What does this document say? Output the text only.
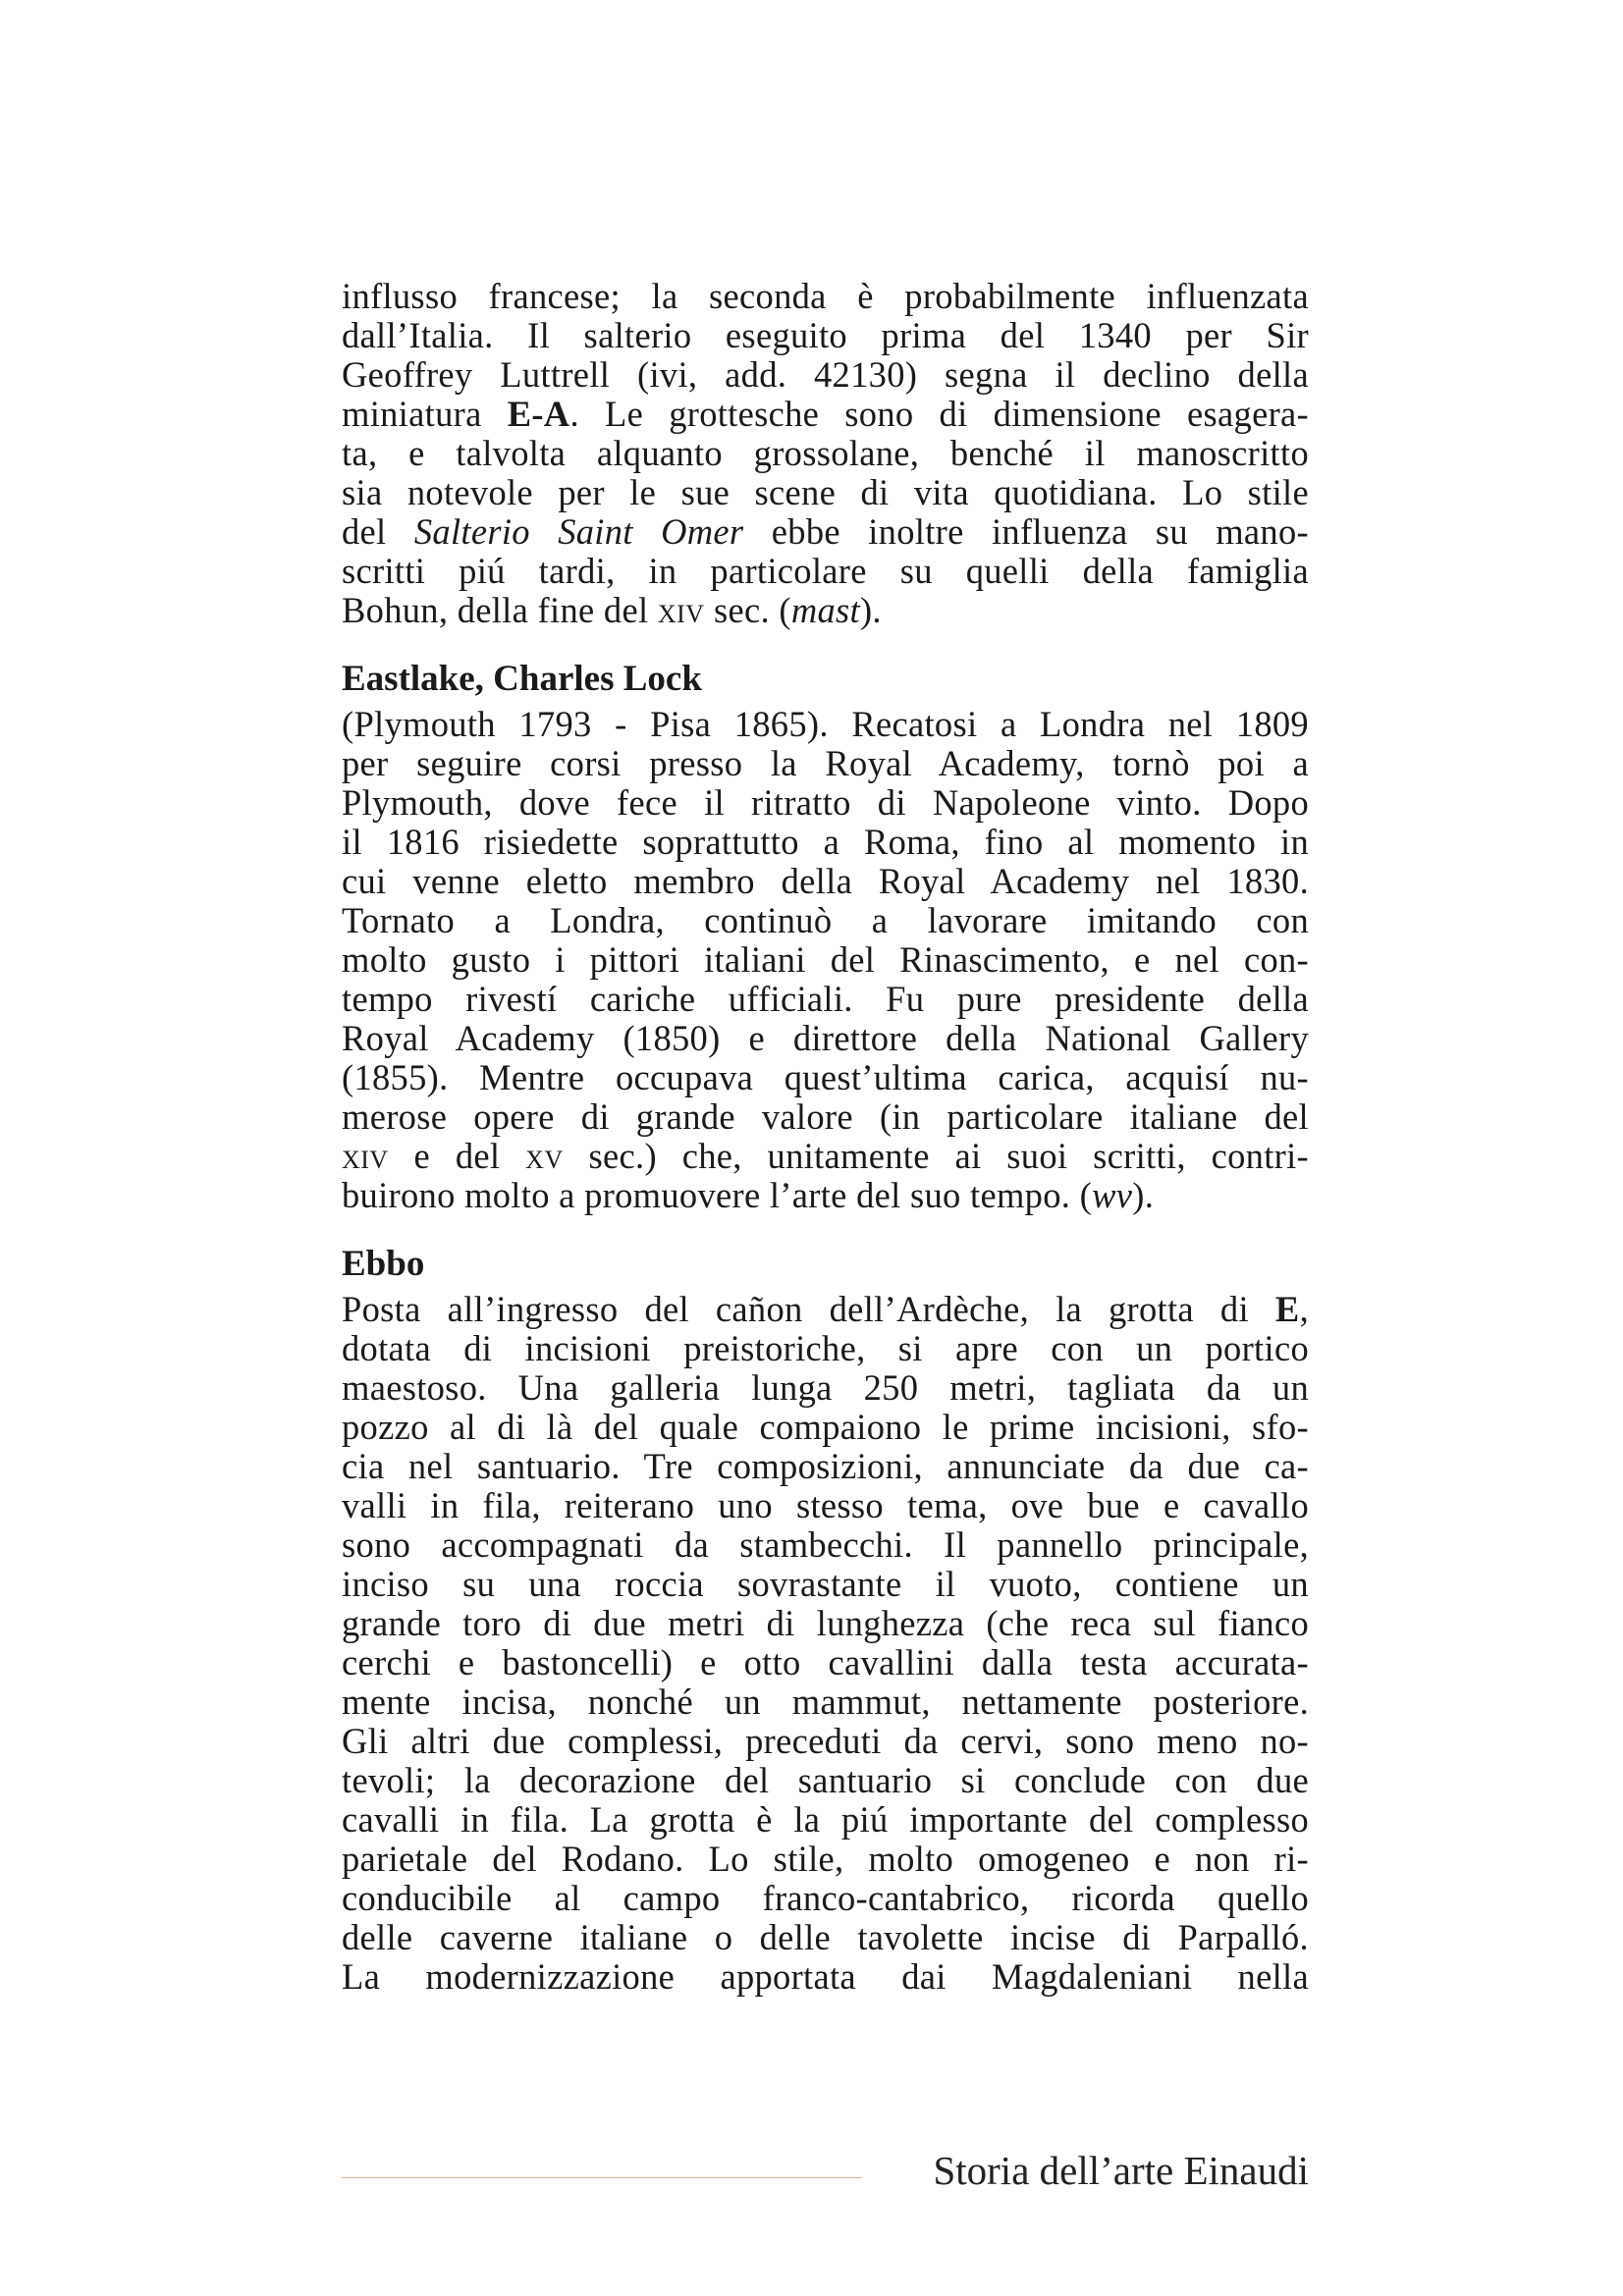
influsso francese; la seconda è probabilmente influenzata
dall’Italia. Il salterio eseguito prima del 1340 per Sir
Geoffrey Luttrell (ivi, add. 42130) segna il declino della
miniatura E-A. Le grottesche sono di dimensione esagera-
ta, e talvolta alquanto grossolane, benché il manoscritto
sia notevole per le sue scene di vita quotidiana. Lo stile
del Salterio Saint Omer ebbe inoltre influenza su mano-
scritti piú tardi, in particolare su quelli della famiglia
Bohun, della fine del xiv sec. (mast).
Eastlake, Charles Lock
(Plymouth 1793 - Pisa 1865). Recatosi a Londra nel 1809
per seguire corsi presso la Royal Academy, tornò poi a
Plymouth, dove fece il ritratto di Napoleone vinto. Dopo
il 1816 risiedette soprattutto a Roma, fino al momento in
cui venne eletto membro della Royal Academy nel 1830.
Tornato a Londra, continuò a lavorare imitando con
molto gusto i pittori italiani del Rinascimento, e nel con-
tempo rivestí cariche ufficiali. Fu pure presidente della
Royal Academy (1850) e direttore della National Gallery
(1855). Mentre occupava quest’ultima carica, acquisí nu-
merose opere di grande valore (in particolare italiane del
xiv e del xv sec.) che, unitamente ai suoi scritti, contri-
buirono molto a promuovere l’arte del suo tempo. (wv).
Ebbo
Posta all’ingresso del cañon dell’Ardèche, la grotta di E,
dotata di incisioni preistoriche, si apre con un portico
maestoso. Una galleria lunga 250 metri, tagliata da un
pozzo al di là del quale compaiono le prime incisioni, sfo-
cia nel santuario. Tre composizioni, annunciate da due ca-
valli in fila, reiterano uno stesso tema, ove bue e cavallo
sono accompagnati da stambecchi. Il pannello principale,
inciso su una roccia sovrastante il vuoto, contiene un
grande toro di due metri di lunghezza (che reca sul fianco
cerchi e bastoncelli) e otto cavallini dalla testa accurata-
mente incisa, nonché un mammut, nettamente posteriore.
Gli altri due complessi, preceduti da cervi, sono meno no-
tevoli; la decorazione del santuario si conclude con due
cavalli in fila. La grotta è la piú importante del complesso
parietale del Rodano. Lo stile, molto omogeneo e non ri-
conducibile al campo franco-cantabrico, ricorda quello
delle caverne italiane o delle tavolette incise di Parpalló.
La modernizzazione apportata dai Magdaleniani nella
Storia dell’arte Einaudi
